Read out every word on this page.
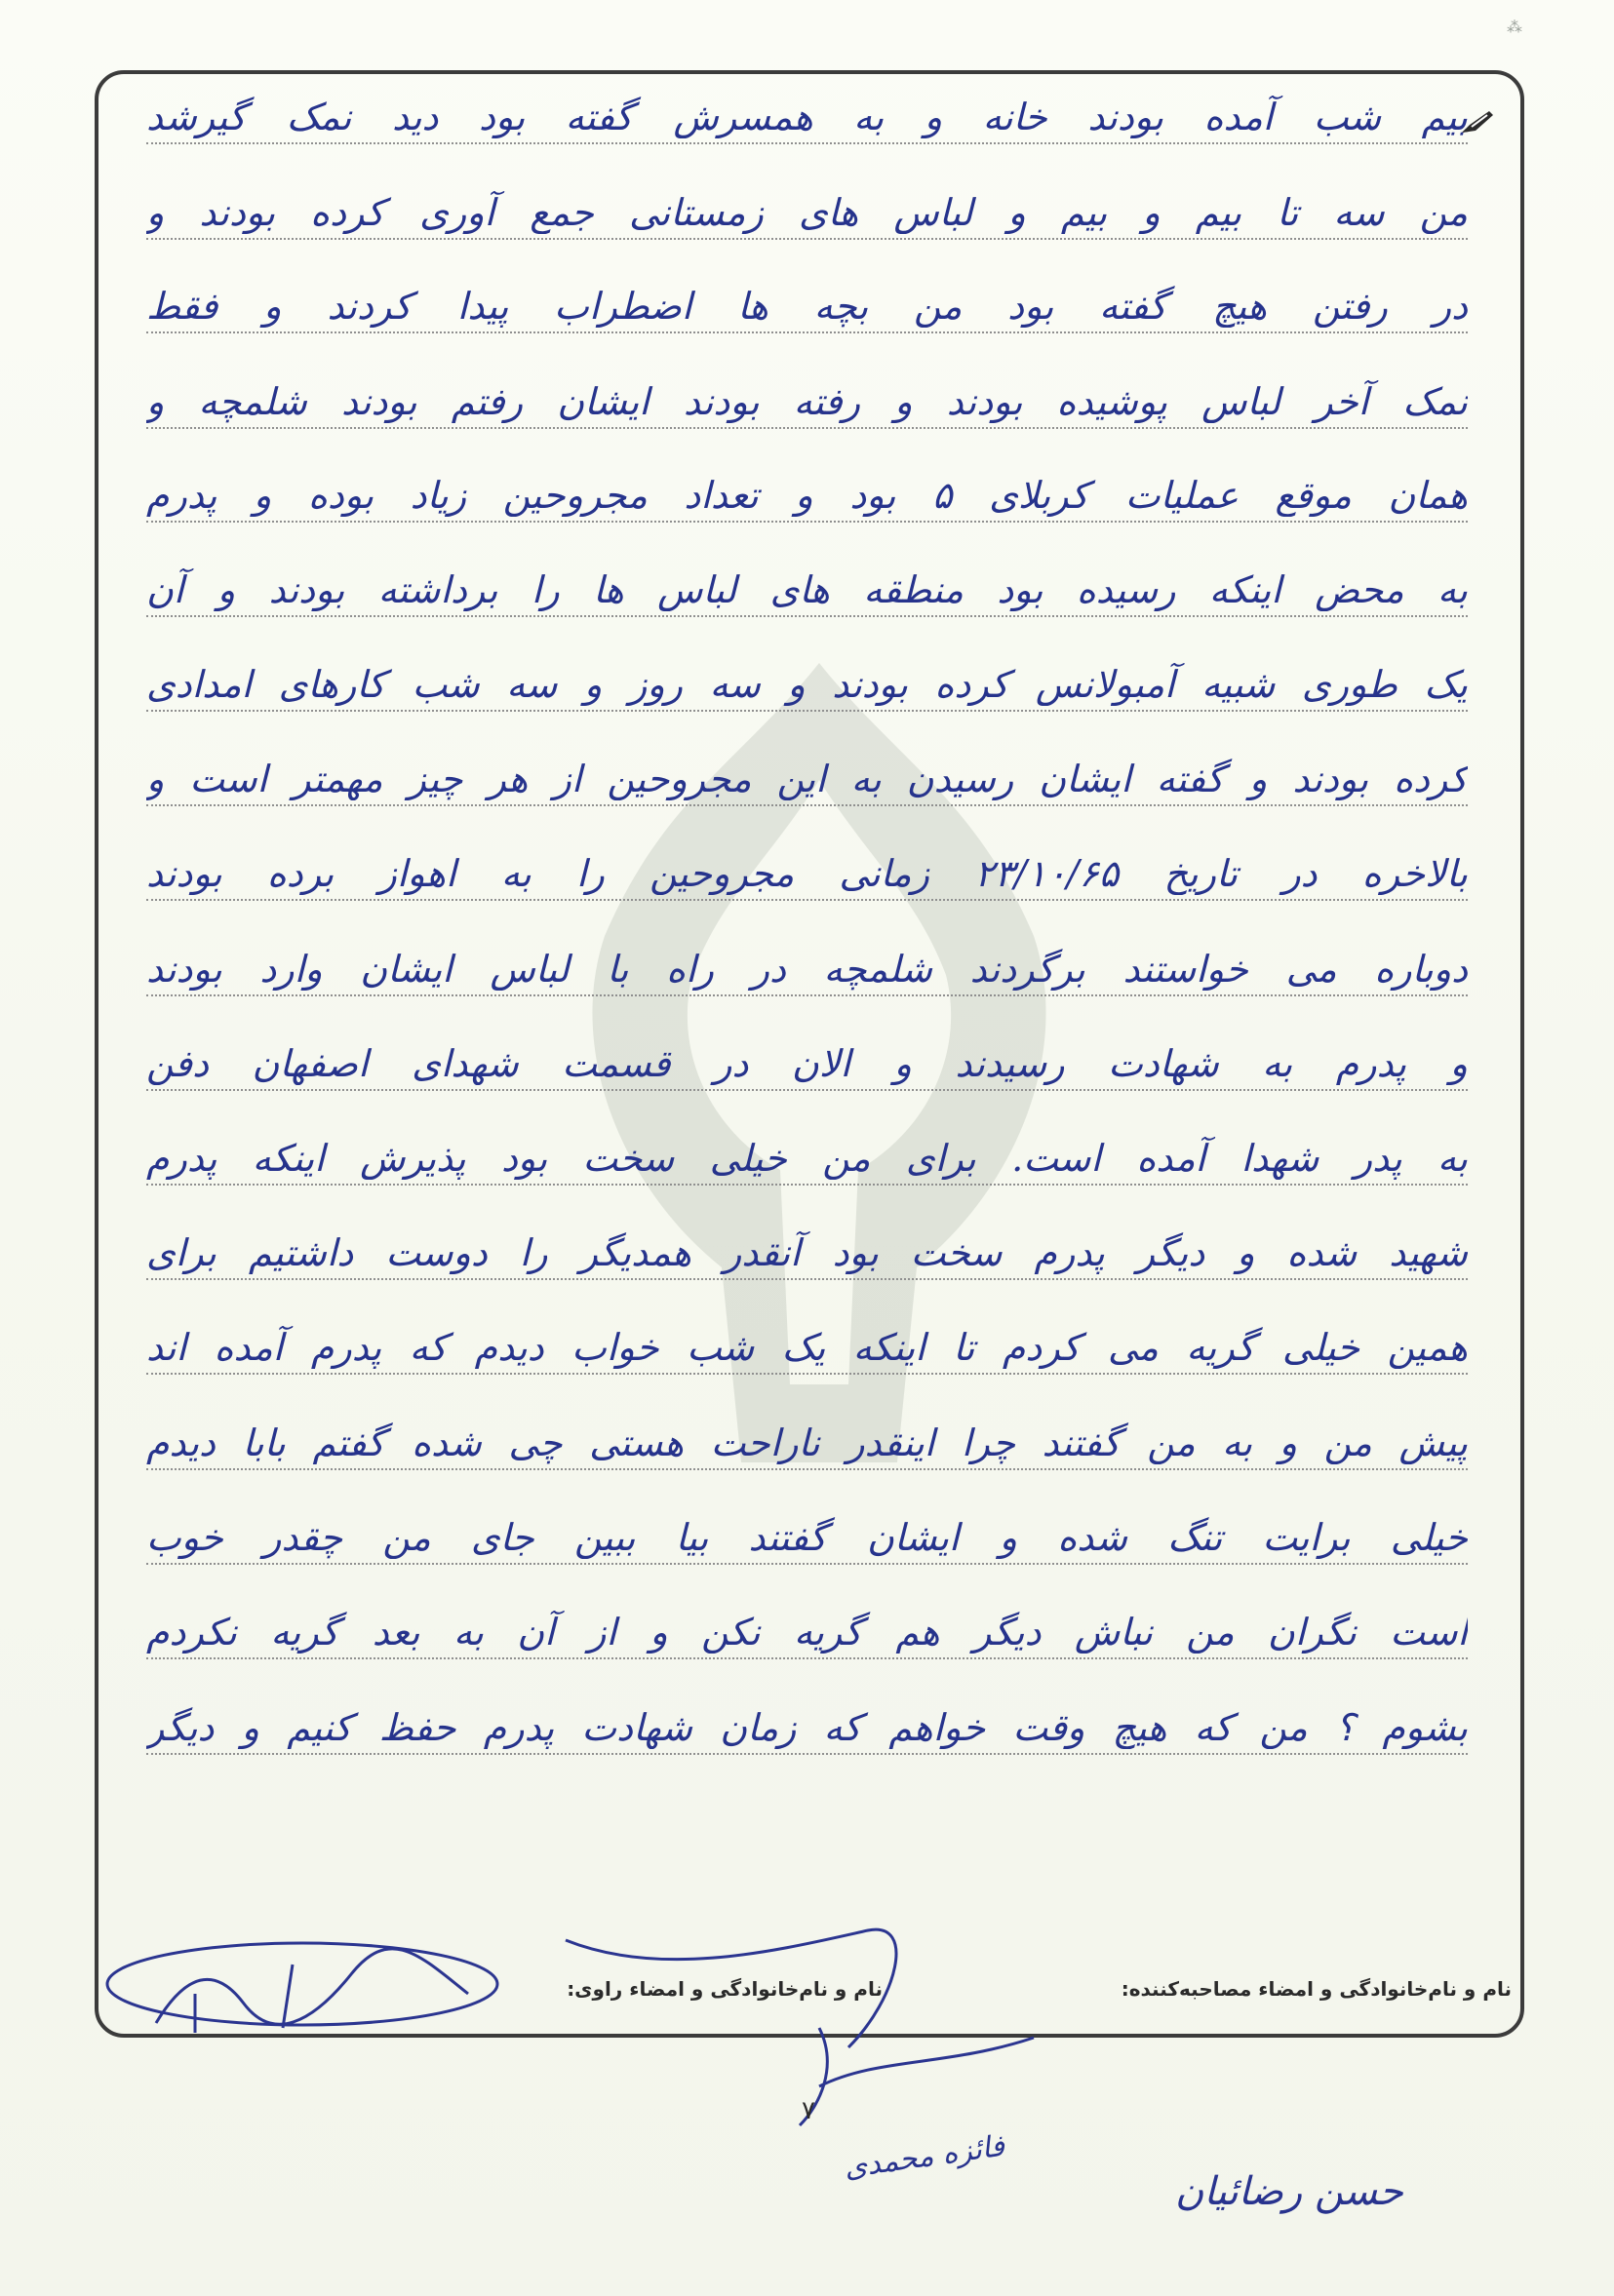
⁂
بیم شب آمده بودند خانه و به همسرش گفته بود دید نمک گیرشد
من سه تا بیم و بیم و لباس های زمستانی جمع آوری کرده بودند و
در رفتن هیچ گفته بود من بچه ها اضطراب پیدا کردند و فقط
نمک آخر لباس پوشیده بودند و رفته بودند ایشان رفتم بودند شلمچه و
همان موقع عملیات کربلای ۵ بود و تعداد مجروحین زیاد بوده و پدرم
به محض اینکه رسیده بود منطقه های لباس ها را برداشته بودند و آن
یک طوری شبیه آمبولانس کرده بودند و سه روز و سه شب کارهای امدادی
کرده بودند و گفته ایشان رسیدن به این مجروحین از هر چیز مهمتر است و
بالاخره در تاریخ ۲۳/۱۰/۶۵ زمانی مجروحین را به اهواز برده بودند
دوباره می خواستند برگردند شلمچه در راه با لباس ایشان وارد بودند
و پدرم به شهادت رسیدند و الان در قسمت شهدای اصفهان دفن
به پدر شهدا آمده است. برای من خیلی سخت بود پذیرش اینکه پدرم
شهید شده و دیگر پدرم سخت بود آنقدر همدیگر را دوست داشتیم برای
همین خیلی گریه می کردم تا اینکه یک شب خواب دیدم که پدرم آمده اند
پیش من و به من گفتند چرا اینقدر ناراحت هستی چی شده گفتم بابا دیدم
خیلی برایت تنگ شده و ایشان گفتند بیا ببین جای من چقدر خوب
است نگران من نباش دیگر هم گریه نکن و از آن به بعد گریه نکردم
بشوم ؟ من که هیچ وقت خواهم که زمان شهادت پدرم حفظ کنیم و دیگر
نام و نام‌خانوادگی و امضاء مصاحبه‌کننده:
نام و نام‌خانوادگی و امضاء راوی:
۷
فائزه محمدی
حسن رضائیان
